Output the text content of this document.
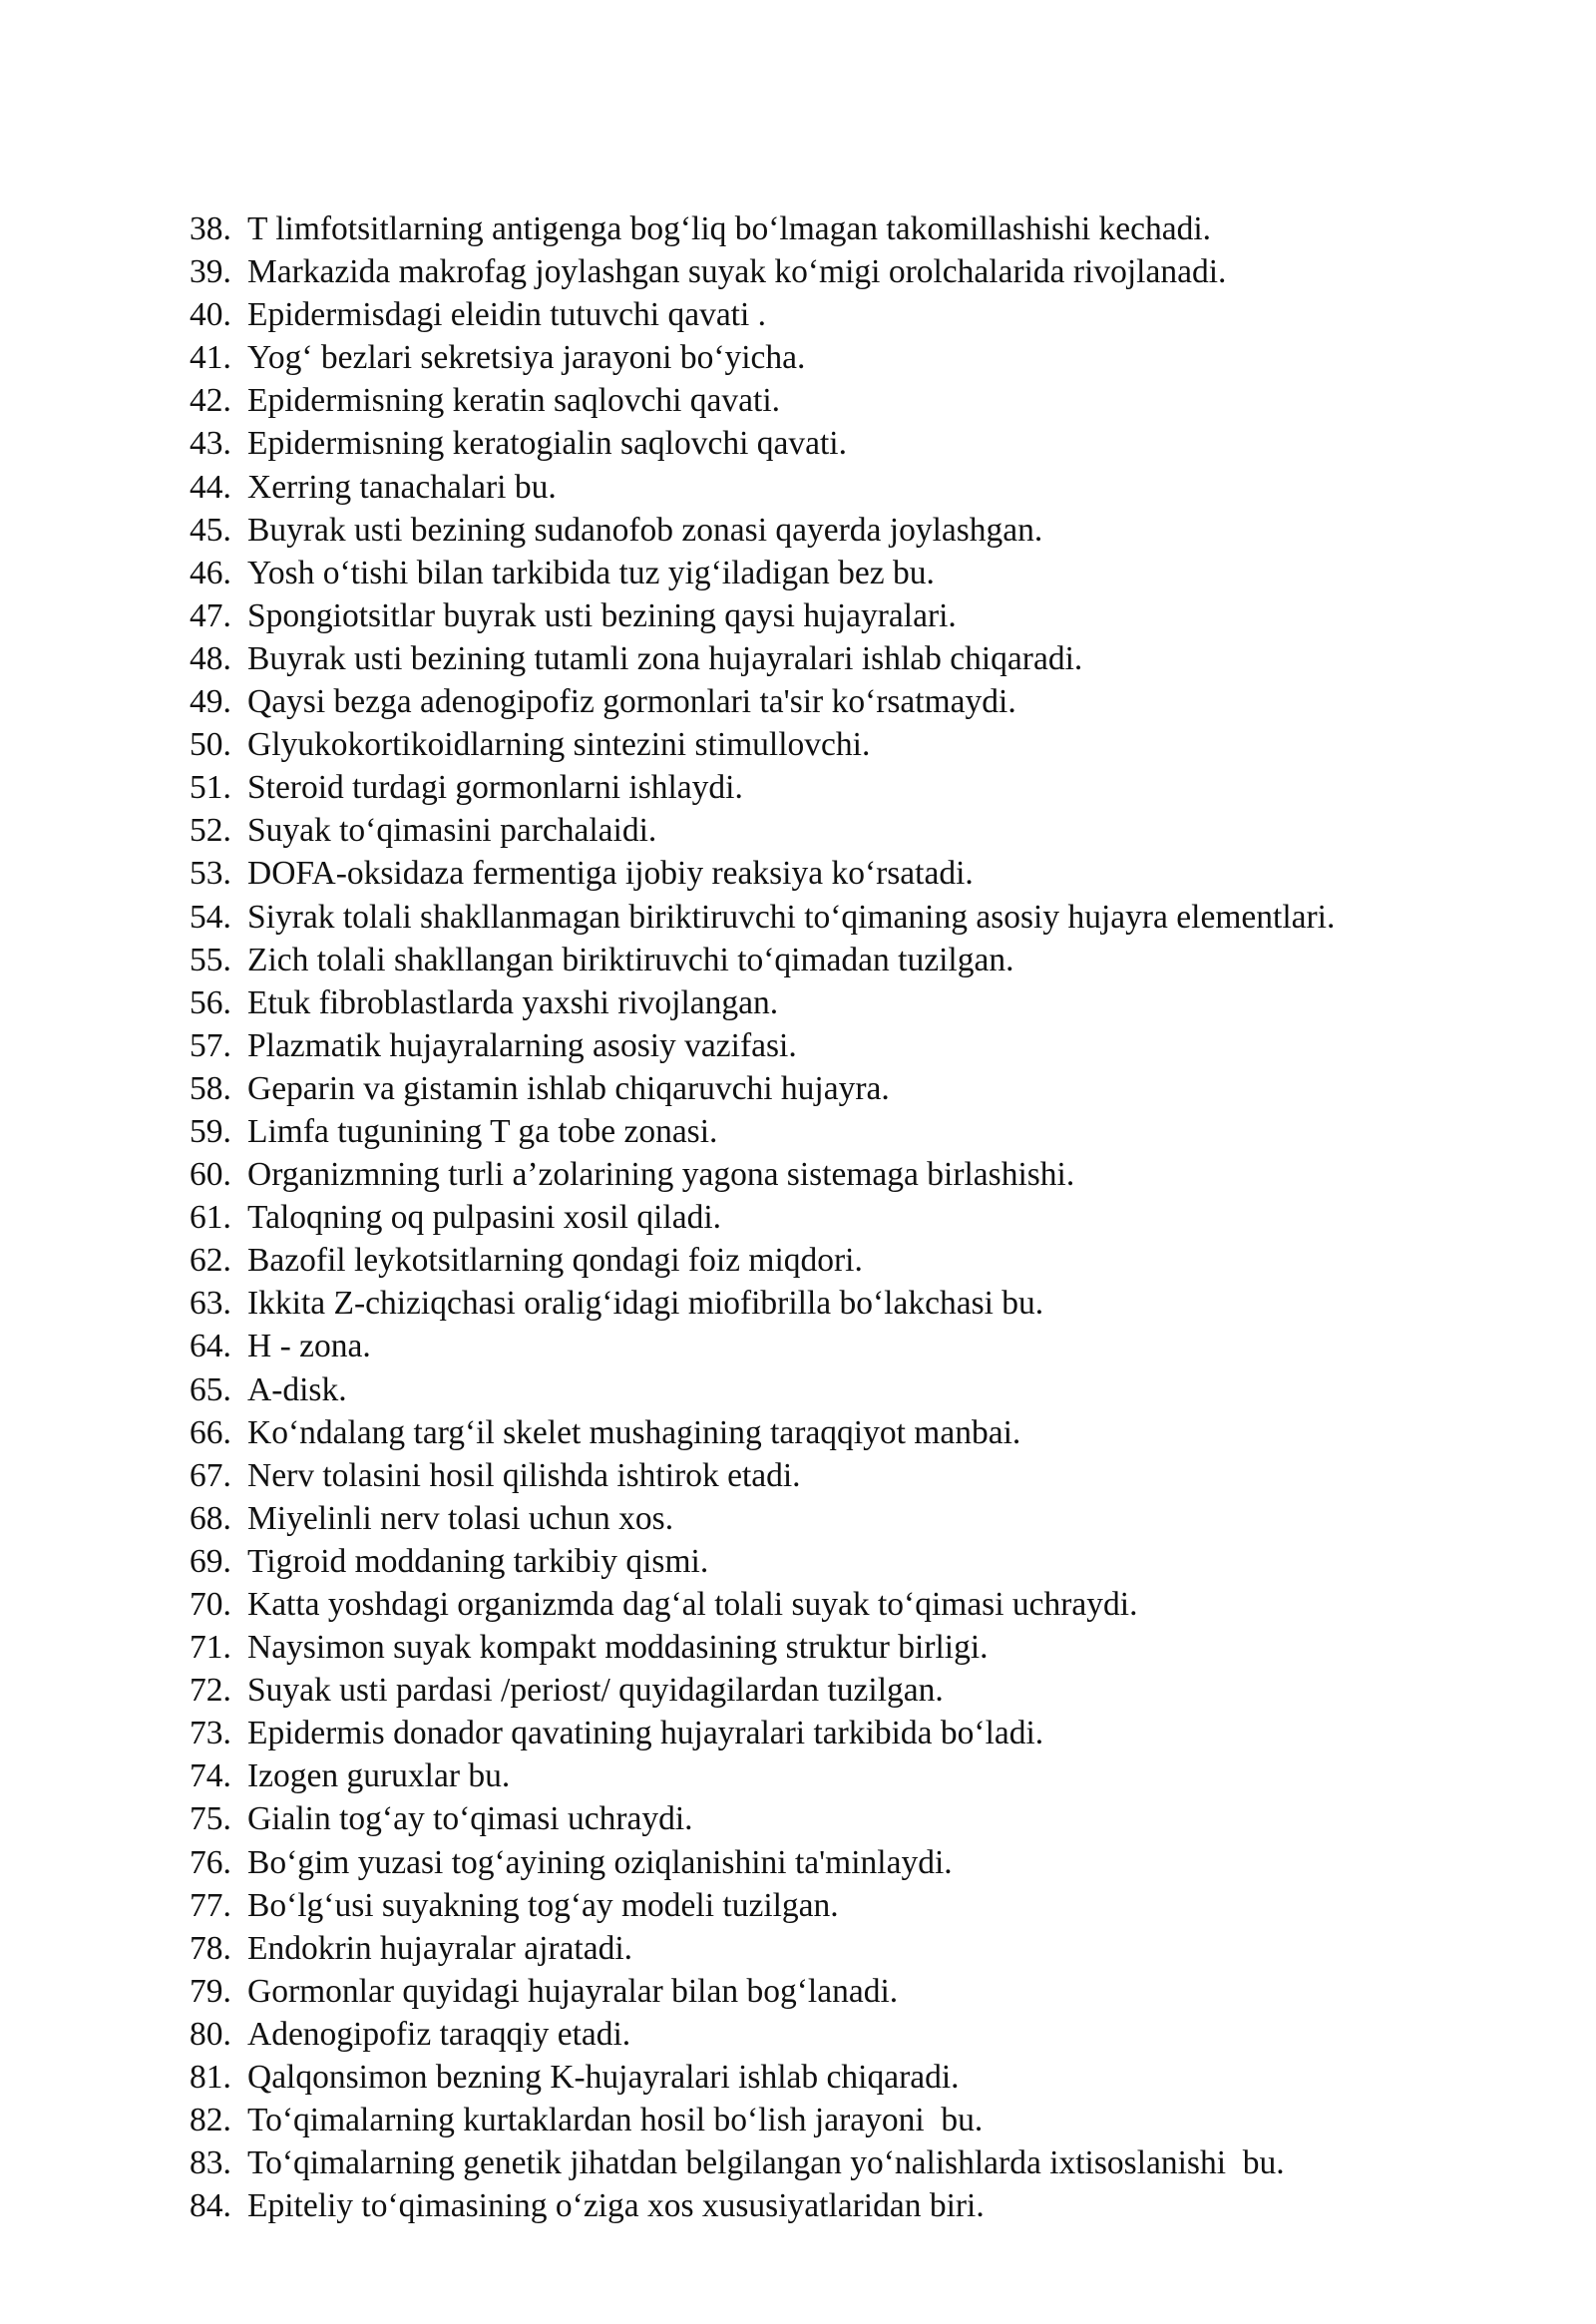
38. T limfotsitlarning antigenga bog‘liq bo‘lmagan takomillashishi kechadi.
39. Markazida makrofag joylashgan suyak ko‘migi orolchalarida rivojlanadi.
40. Epidermisdagi eleidin tutuvchi qavati .
41. Yog‘ bezlari sekretsiya jarayoni bo‘yicha.
42. Epidermisning keratin saqlovchi qavati.
43. Epidermisning keratogialin saqlovchi qavati.
44. Xerring tanachalari bu.
45. Buyrak usti bezining sudanofob zonasi qayerda joylashgan.
46. Yosh o‘tishi bilan tarkibida tuz yig‘iladigan bez bu.
47. Spongiotsitlar buyrak usti bezining qaysi hujayralari.
48. Buyrak usti bezining tutamli zona hujayralari ishlab chiqaradi.
49. Qaysi bezga adenogipofiz gormonlari ta'sir ko‘rsatmaydi.
50. Glyukokortikoidlarning sintezini stimullovchi.
51. Steroid turdagi gormonlarni ishlaydi.
52. Suyak to‘qimasini parchalaidi.
53. DOFA-oksidaza fermentiga ijobiy reaksiya ko‘rsatadi.
54. Siyrak tolali shakllanmagan biriktiruvchi to‘qimaning asosiy hujayra elementlari.
55. Zich tolali shakllangan biriktiruvchi to‘qimadan tuzilgan.
56. Etuk fibroblastlarda yaxshi rivojlangan.
57. Plazmatik hujayralarning asosiy vazifasi.
58. Geparin va gistamin ishlab chiqaruvchi hujayra.
59. Limfa tugunining T ga tobe zonasi.
60. Organizmning turli a’zolarining yagona sistemaga birlashishi.
61. Taloqning oq pulpasini xosil qiladi.
62. Bazofil leykotsitlarning qondagi foiz miqdori.
63. Ikkita Z-chiziqchasi oralig‘idagi miofibrilla bo‘lakchasi bu.
64. H - zona.
65. A-disk.
66. Ko‘ndalang targ‘il skelet mushagining taraqqiyot manbai.
67. Nerv tolasini hosil qilishda ishtirok etadi.
68. Miyelinli nerv tolasi uchun xos.
69. Tigroid moddaning tarkibiy qismi.
70. Katta yoshdagi organizmda dag‘al tolali suyak to‘qimasi uchraydi.
71. Naysimon suyak kompakt moddasining struktur birligi.
72. Suyak usti pardasi /periost/ quyidagilardan tuzilgan.
73. Epidermis donador qavatining hujayralari tarkibida bo‘ladi.
74. Izogen guruxlar bu.
75. Gialin tog‘ay to‘qimasi uchraydi.
76. Bo‘gim yuzasi tog‘ayining oziqlanishini ta'minlaydi.
77. Bo‘lg‘usi suyakning tog‘ay modeli tuzilgan.
78. Endokrin hujayralar ajratadi.
79. Gormonlar quyidagi hujayralar bilan bog‘lanadi.
80. Adenogipofiz taraqqiy etadi.
81. Qalqonsimon bezning K-hujayralari ishlab chiqaradi.
82. To‘qimalarning kurtaklardan hosil bo‘lish jarayoni  bu.
83. To‘qimalarning genetik jihatdan belgilangan yo‘nalishlarda ixtisoslanishi  bu.
84. Epiteliy to‘qimasining o‘ziga xos xususiyatlaridan biri.
